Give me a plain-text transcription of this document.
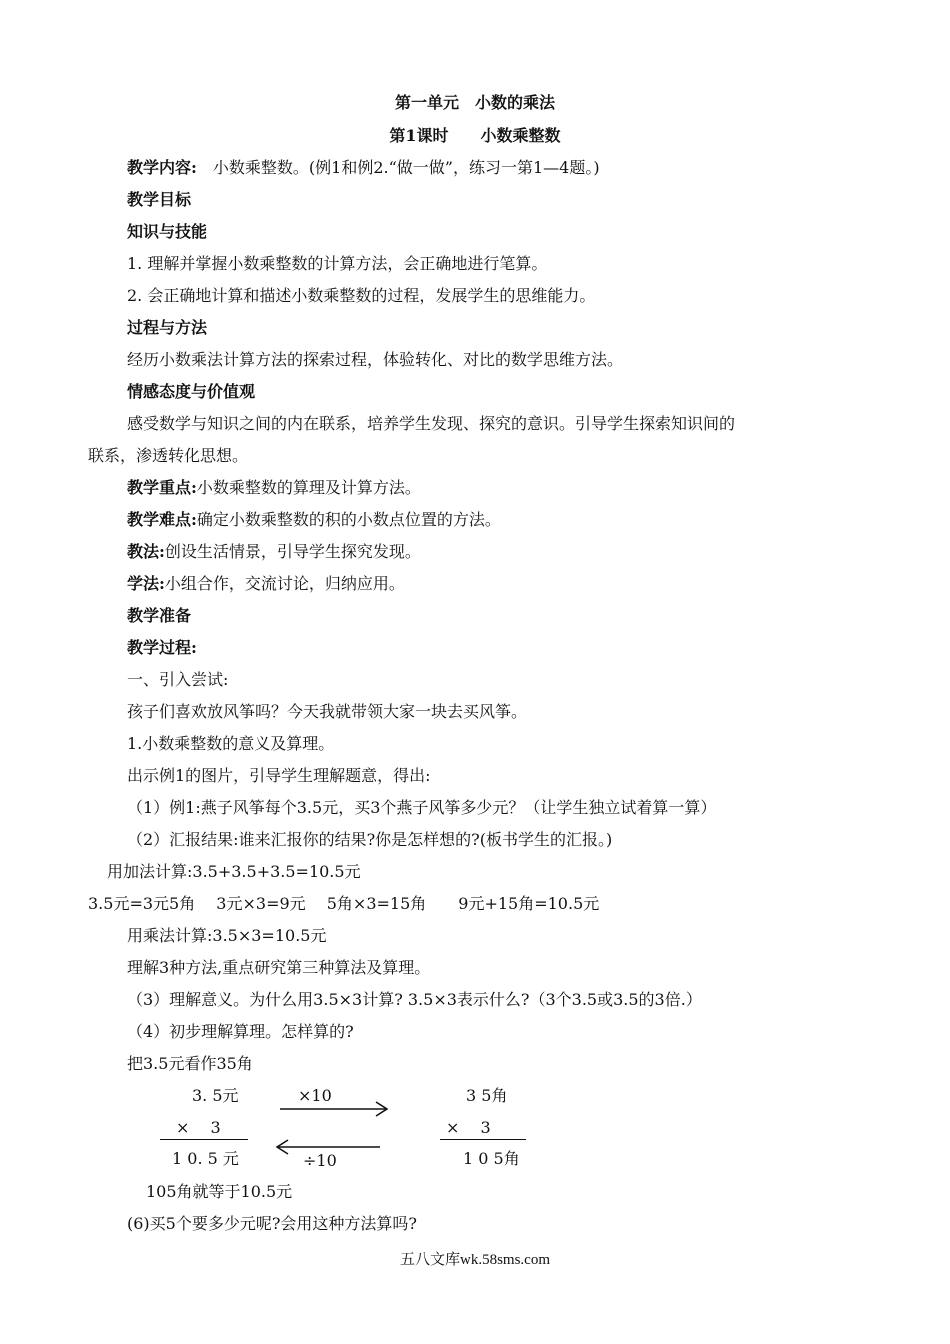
第一单元　小数的乘法
第1课时　　小数乘整数
教学内容:　小数乘整数。(例1和例2.“做一做”，练习一第1—4题。)
教学目标
知识与技能
1. 理解并掌握小数乘整数的计算方法，会正确地进行笔算。
2. 会正确地计算和描述小数乘整数的过程，发展学生的思维能力。
过程与方法
经历小数乘法计算方法的探索过程，体验转化、对比的数学思维方法。
情感态度与价值观
感受数学与知识之间的内在联系，培养学生发现、探究的意识。引导学生探索知识间的
联系，渗透转化思想。
教学重点:小数乘整数的算理及计算方法。
教学难点:确定小数乘整数的积的小数点位置的方法。
教法:创设生活情景，引导学生探究发现。
学法:小组合作，交流讨论，归纳应用。
教学准备
教学过程:
一、引入尝试:
孩子们喜欢放风筝吗？今天我就带领大家一块去买风筝。
1.小数乘整数的意义及算理。
出示例1的图片，引导学生理解题意，得出:
（1）例1:燕子风筝每个3.5元，买3个燕子风筝多少元？（让学生独立试着算一算）
（2）汇报结果:谁来汇报你的结果?你是怎样想的?(板书学生的汇报。)
用加法计算:3.5+3.5+3.5=10.5元
3.5元=3元5角　 3元×3=9元　 5角×3=15角　　9元+15角=10.5元
用乘法计算:3.5×3=10.5元
理解3种方法,重点研究第三种算法及算理。
（3）理解意义。为什么用3.5×3计算? 3.5×3表示什么?（3个3.5或3.5的3倍.）
（4）初步理解算理。怎样算的?
把3.5元看作35角
3. 5元
×　 3
1 0. 5 元
×10
÷10
3 5角
×　 3
1 0 5角
105角就等于10.5元
(6)买5个要多少元呢?会用这种方法算吗?
五八文库wk.58sms.com
